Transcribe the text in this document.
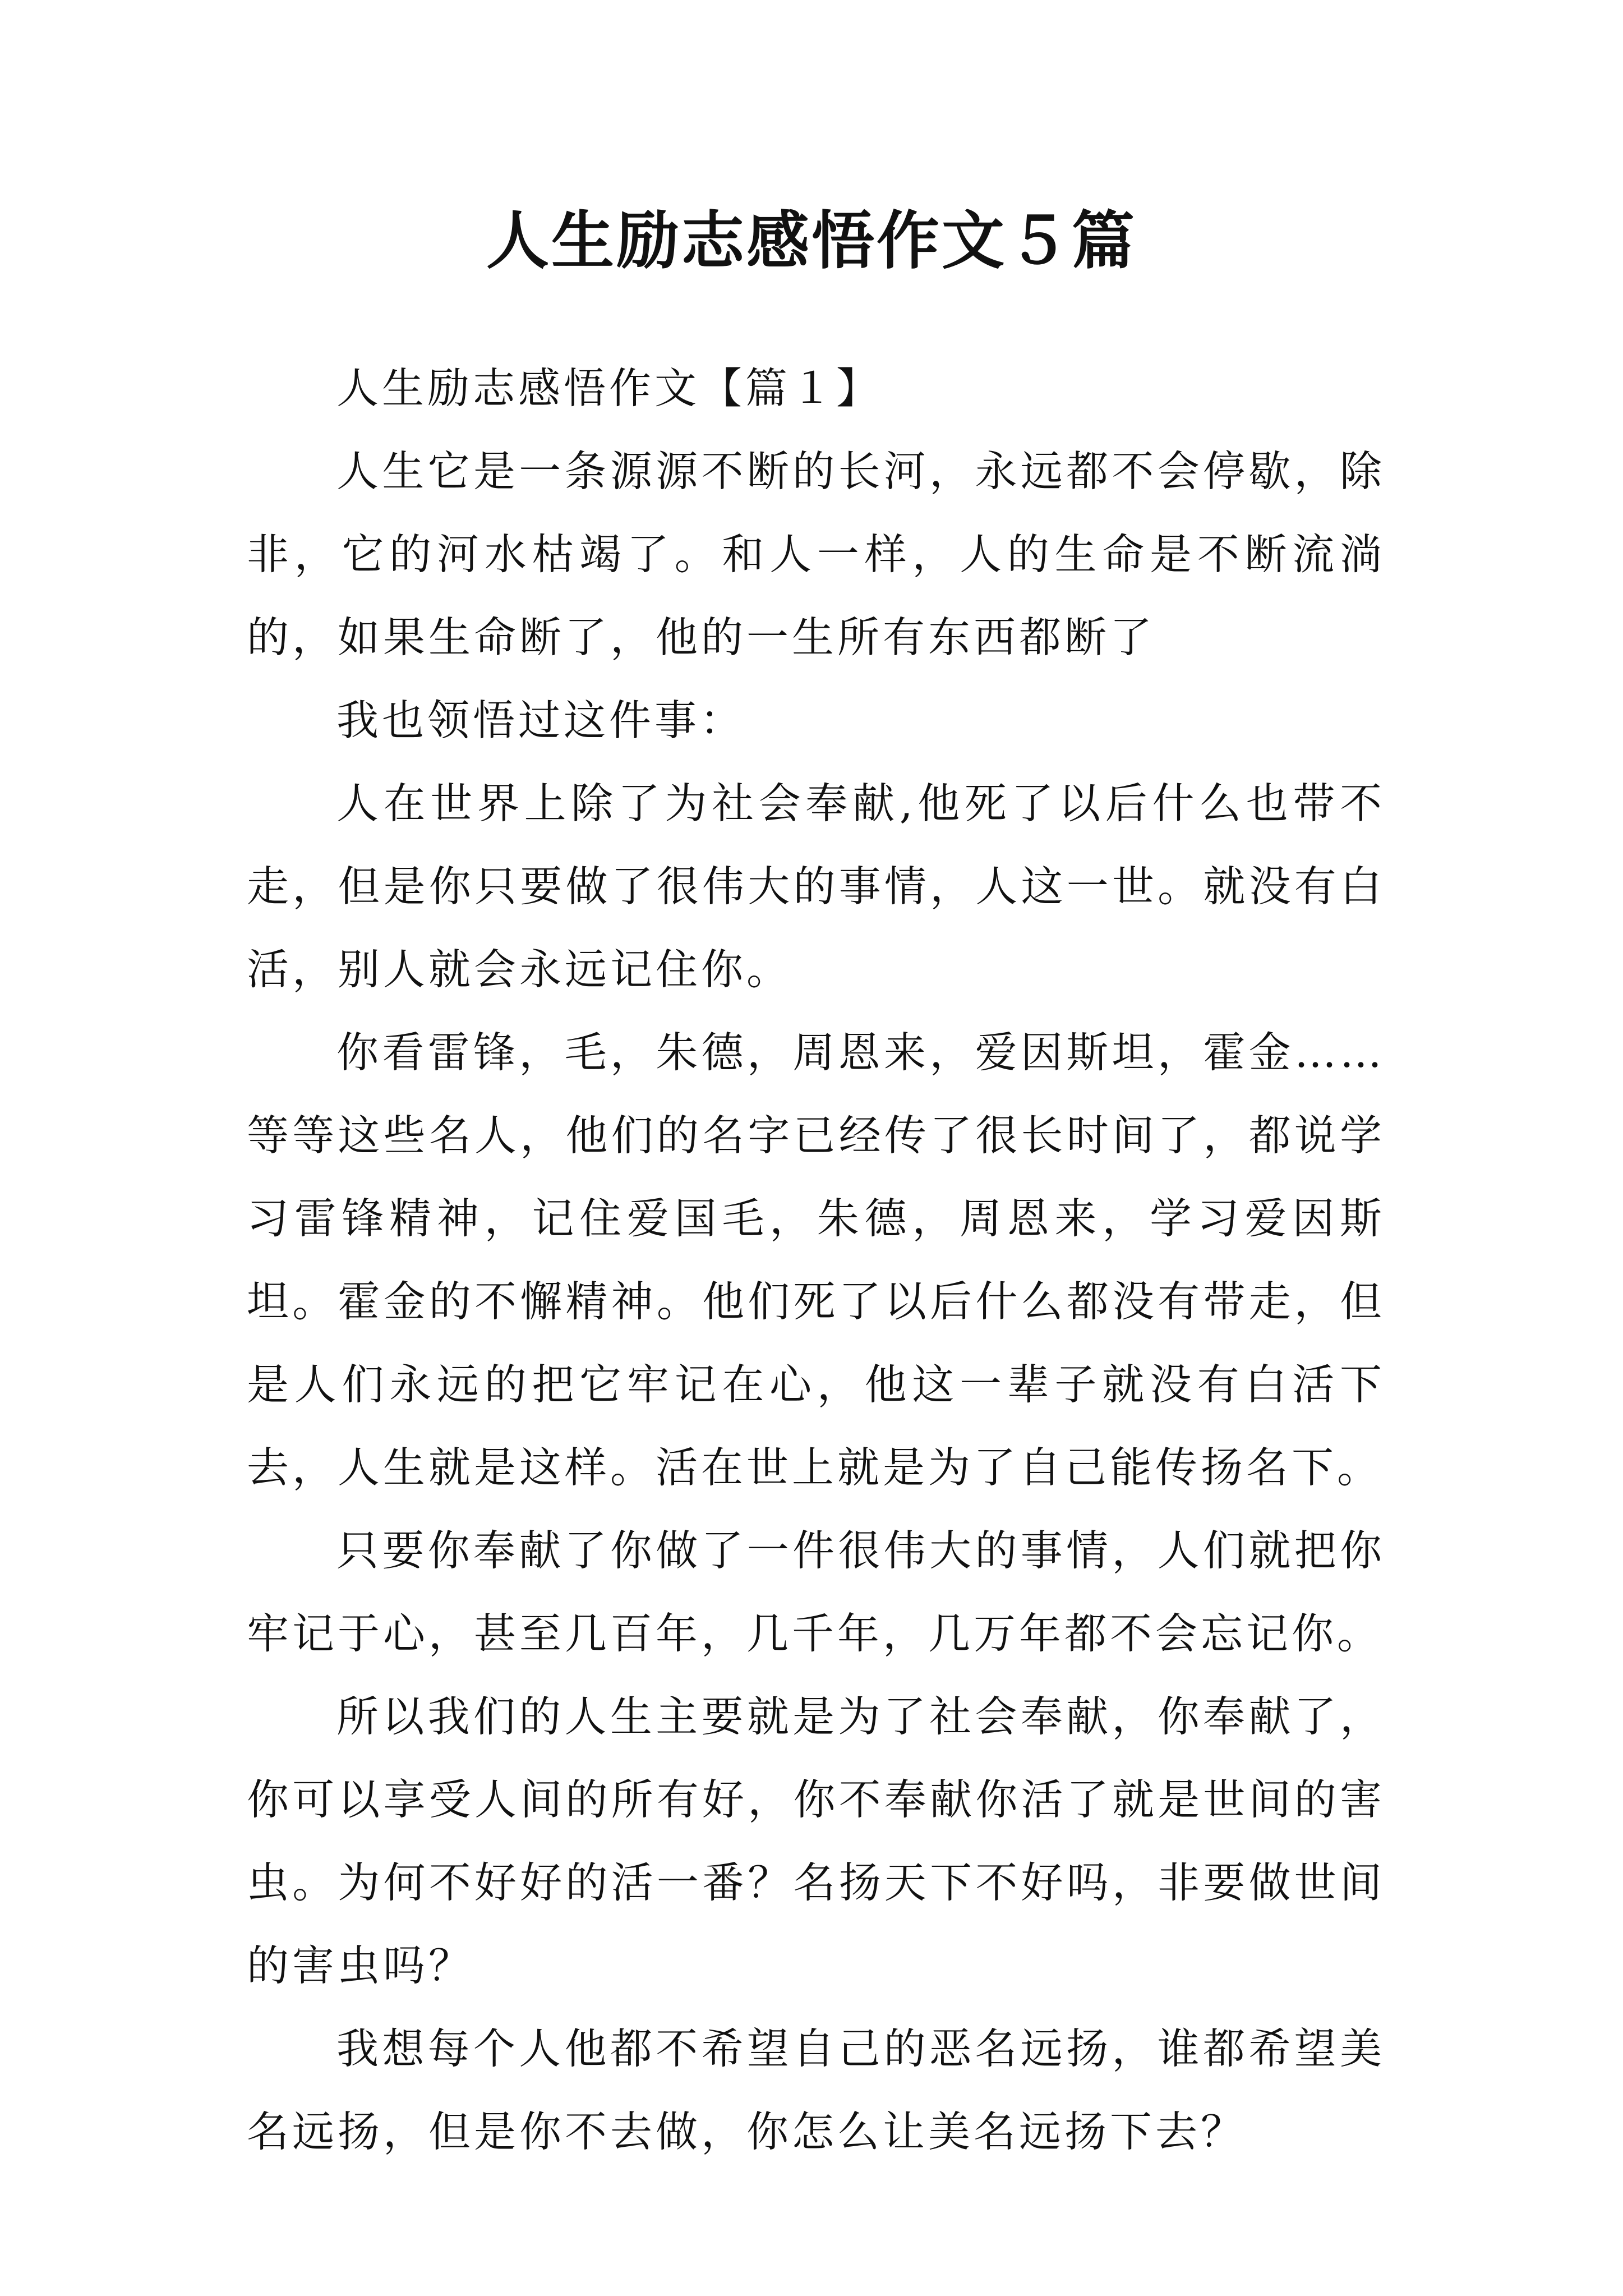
人生励志感悟作文５篇

人生励志感悟作文【篇１】

人生它是一条源源不断的长河，永远都不会停歇，除非，它的河水枯竭了。和人一样，人的生命是不断流淌的，如果生命断了，他的一生所有东西都断了

我也领悟过这件事：

人在世界上除了为社会奉献,他死了以后什么也带不走，但是你只要做了很伟大的事情，人这一世。就没有白活，别人就会永远记住你。

你看雷锋，毛，朱德，周恩来，爱因斯坦，霍金……等等这些名人，他们的名字已经传了很长时间了，都说学习雷锋精神，记住爱国毛，朱德，周恩来，学习爱因斯坦。霍金的不懈精神。他们死了以后什么都没有带走，但是人们永远的把它牢记在心，他这一辈子就没有白活下去，人生就是这样。活在世上就是为了自己能传扬名下。

只要你奉献了你做了一件很伟大的事情，人们就把你牢记于心，甚至几百年，几千年，几万年都不会忘记你。

所以我们的人生主要就是为了社会奉献，你奉献了，你可以享受人间的所有好，你不奉献你活了就是世间的害虫。为何不好好的活一番？名扬天下不好吗，非要做世间的害虫吗？

我想每个人他都不希望自己的恶名远扬，谁都希望美名远扬，但是你不去做，你怎么让美名远扬下去？
